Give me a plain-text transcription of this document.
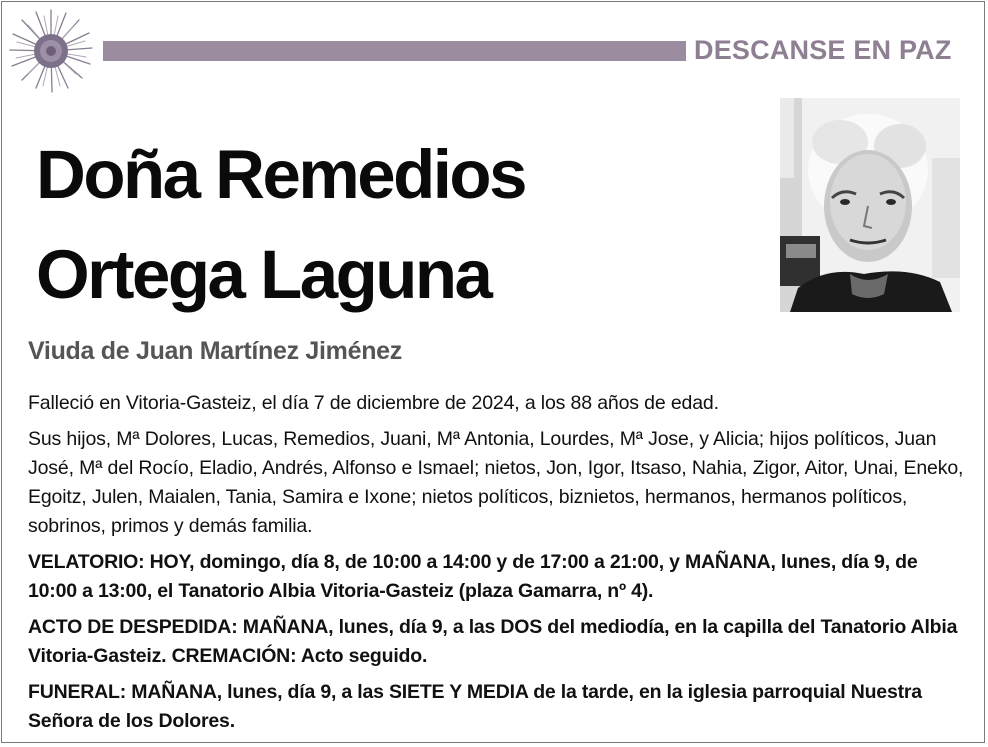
DESCANSE EN PAZ
Doña Remedios
Ortega Laguna
Viuda de Juan Martínez Jiménez

Falleció en Vitoria-Gasteiz, el día 7 de diciembre de 2024, a los 88 años de edad.

Sus hijos, Mª Dolores, Lucas, Remedios, Juani, Mª Antonia, Lourdes, Mª Jose, y Alicia; hijos políticos, Juan José, Mª del Rocío, Eladio, Andrés, Alfonso e Ismael; nietos, Jon, Igor, Itsaso, Nahia, Zigor, Aitor, Unai, Eneko, Egoitz, Julen, Maialen, Tania, Samira e Ixone; nietos políticos, biznietos, hermanos, hermanos políticos, sobrinos, primos y demás familia.

VELATORIO: HOY, domingo, día 8, de 10:00 a 14:00 y de 17:00 a 21:00, y MAÑANA, lunes, día 9, de 10:00 a 13:00, el Tanatorio Albia Vitoria-Gasteiz (plaza Gamarra, nº 4).

ACTO DE DESPEDIDA: MAÑANA, lunes, día 9, a las DOS del mediodía, en la capilla del Tanatorio Albia Vitoria-Gasteiz. CREMACIÓN: Acto seguido.

FUNERAL: MAÑANA, lunes, día 9, a las SIETE Y MEDIA de la tarde, en la iglesia parroquial Nuestra Señora de los Dolores.
